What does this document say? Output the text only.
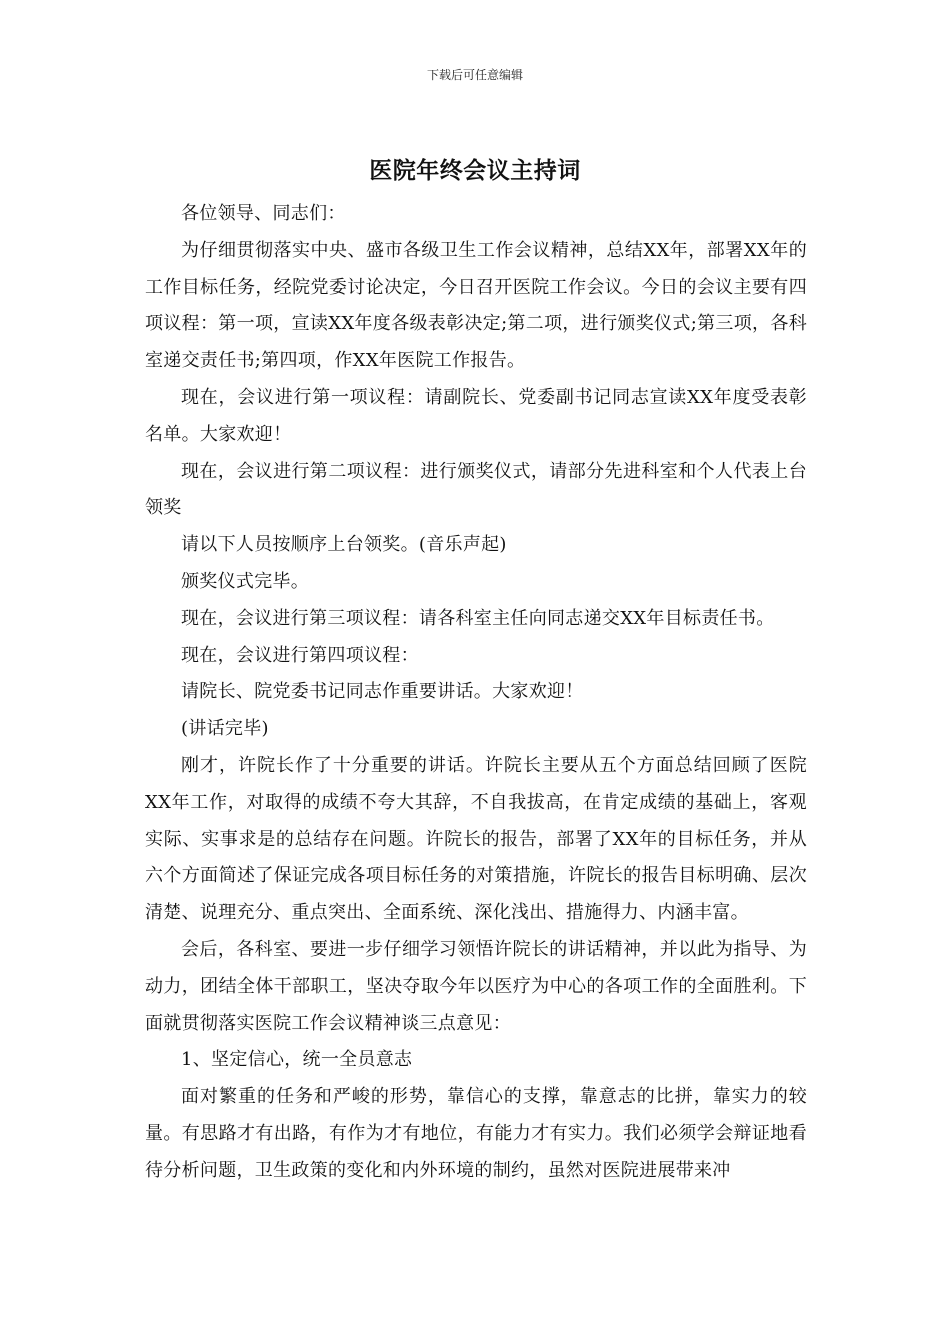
下载后可任意编辑
医院年终会议主持词

各位领导、同志们：

为仔细贯彻落实中央、盛市各级卫生工作会议精神，总结XX年，部署XX年的工作目标任务，经院党委讨论决定，今日召开医院工作会议。今日的会议主要有四项议程：第一项，宣读XX年度各级表彰决定;第二项，进行颁奖仪式;第三项，各科室递交责任书;第四项，作XX年医院工作报告。

现在，会议进行第一项议程：请副院长、党委副书记同志宣读XX年度受表彰名单。大家欢迎！

现在，会议进行第二项议程：进行颁奖仪式，请部分先进科室和个人代表上台领奖

请以下人员按顺序上台领奖。(音乐声起)

颁奖仪式完毕。

现在，会议进行第三项议程：请各科室主任向同志递交XX年目标责任书。

现在，会议进行第四项议程：

请院长、院党委书记同志作重要讲话。大家欢迎！

(讲话完毕)

刚才，许院长作了十分重要的讲话。许院长主要从五个方面总结回顾了医院XX年工作，对取得的成绩不夸大其辞，不自我拔高，在肯定成绩的基础上，客观实际、实事求是的总结存在问题。许院长的报告，部署了XX年的目标任务，并从六个方面简述了保证完成各项目标任务的对策措施，许院长的报告目标明确、层次清楚、说理充分、重点突出、全面系统、深化浅出、措施得力、内涵丰富。

会后，各科室、要进一步仔细学习领悟许院长的讲话精神，并以此为指导、为动力，团结全体干部职工，坚决夺取今年以医疗为中心的各项工作的全面胜利。下面就贯彻落实医院工作会议精神谈三点意见：

1、坚定信心，统一全员意志

面对繁重的任务和严峻的形势，靠信心的支撑，靠意志的比拼，靠实力的较量。有思路才有出路，有作为才有地位，有能力才有实力。我们必须学会辩证地看待分析问题，卫生政策的变化和内外环境的制约，虽然对医院进展带来冲
